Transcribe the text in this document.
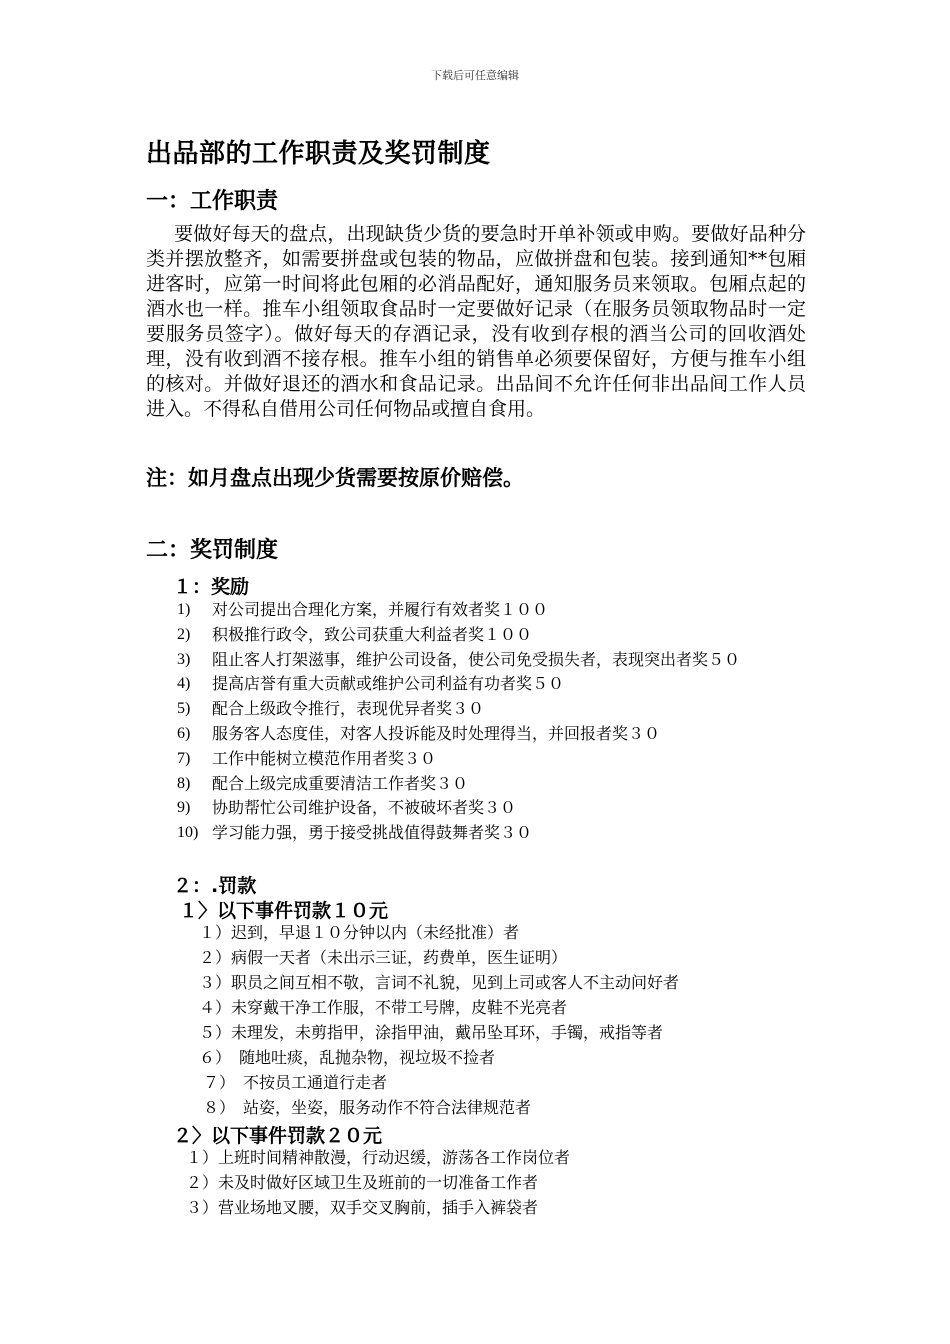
下载后可任意编辑
出品部的工作职责及奖罚制度
一：工作职责
要做好每天的盘点，出现缺货少货的要急时开单补领或申购。要做好品种分类并摆放整齐，如需要拼盘或包装的物品，应做拼盘和包装。接到通知**包厢进客时，应第一时间将此包厢的必消品配好，通知服务员来领取。包厢点起的酒水也一样。推车小组领取食品时一定要做好记录（在服务员领取物品时一定要服务员签字）。做好每天的存酒记录，没有收到存根的酒当公司的回收酒处理，没有收到酒不接存根。推车小组的销售单必须要保留好，方便与推车小组的核对。并做好退还的酒水和食品记录。出品间不允许任何非出品间工作人员进入。不得私自借用公司任何物品或擅自食用。
注：如月盘点出现少货需要按原价赔偿。
二：奖罚制度
１：奖励
1) 对公司提出合理化方案，并履行有效者奖１００
2) 积极推行政令，致公司获重大利益者奖１００
3) 阻止客人打架滋事，维护公司设备，使公司免受损失者，表现突出者奖５０
4) 提高店誉有重大贡献或维护公司利益有功者奖５０
5) 配合上级政令推行，表现优异者奖３０
6) 服务客人态度佳，对客人投诉能及时处理得当，并回报者奖３０
7) 工作中能树立模范作用者奖３０
8) 配合上级完成重要清洁工作者奖３０
9) 协助帮忙公司维护设备，不被破坏者奖３０
10) 学习能力强，勇于接受挑战值得鼓舞者奖３０
２：.罚款
１〉以下事件罚款１０元
１）迟到，早退１０分钟以内（未经批准）者
２）病假一天者（未出示三证，药费单，医生证明）
３）职员之间互相不敬，言词不礼貌，见到上司或客人不主动问好者
４）未穿戴干净工作服，不带工号牌，皮鞋不光亮者
５）未理发，未剪指甲，涂指甲油，戴吊坠耳环，手镯，戒指等者
６）　随地吐痰，乱抛杂物，视垃圾不捡者
７）　不按员工通道行走者
８）　站姿，坐姿，服务动作不符合法律规范者
２〉以下事件罚款２０元
１）上班时间精神散漫，行动迟缓，游荡各工作岗位者
２）未及时做好区域卫生及班前的一切准备工作者
３）营业场地叉腰，双手交叉胸前，插手入裤袋者
